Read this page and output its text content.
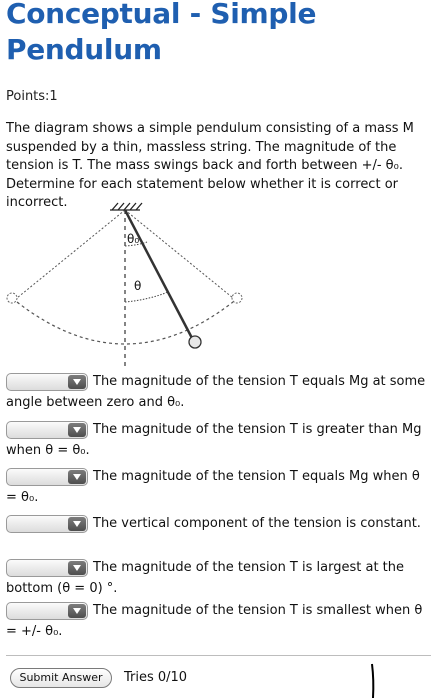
Conceptual - Simple Pendulum
Points:1
The diagram shows a simple pendulum consisting of a mass M suspended by a thin, massless string. The magnitude of the tension is T. The mass swings back and forth between +/- θ₀. Determine for each statement below whether it is correct or incorrect.
θ₀
θ
The magnitude of the tension T equals Mg at some angle between zero and θ₀.
The magnitude of the tension T is greater than Mg when θ = θ₀.
The magnitude of the tension T equals Mg when θ = θ₀.
The vertical component of the tension is constant.
The magnitude of the tension T is largest at the bottom (θ = 0) °.
The magnitude of the tension T is smallest when θ = +/- θ₀.
Submit Answer	Tries 0/10
